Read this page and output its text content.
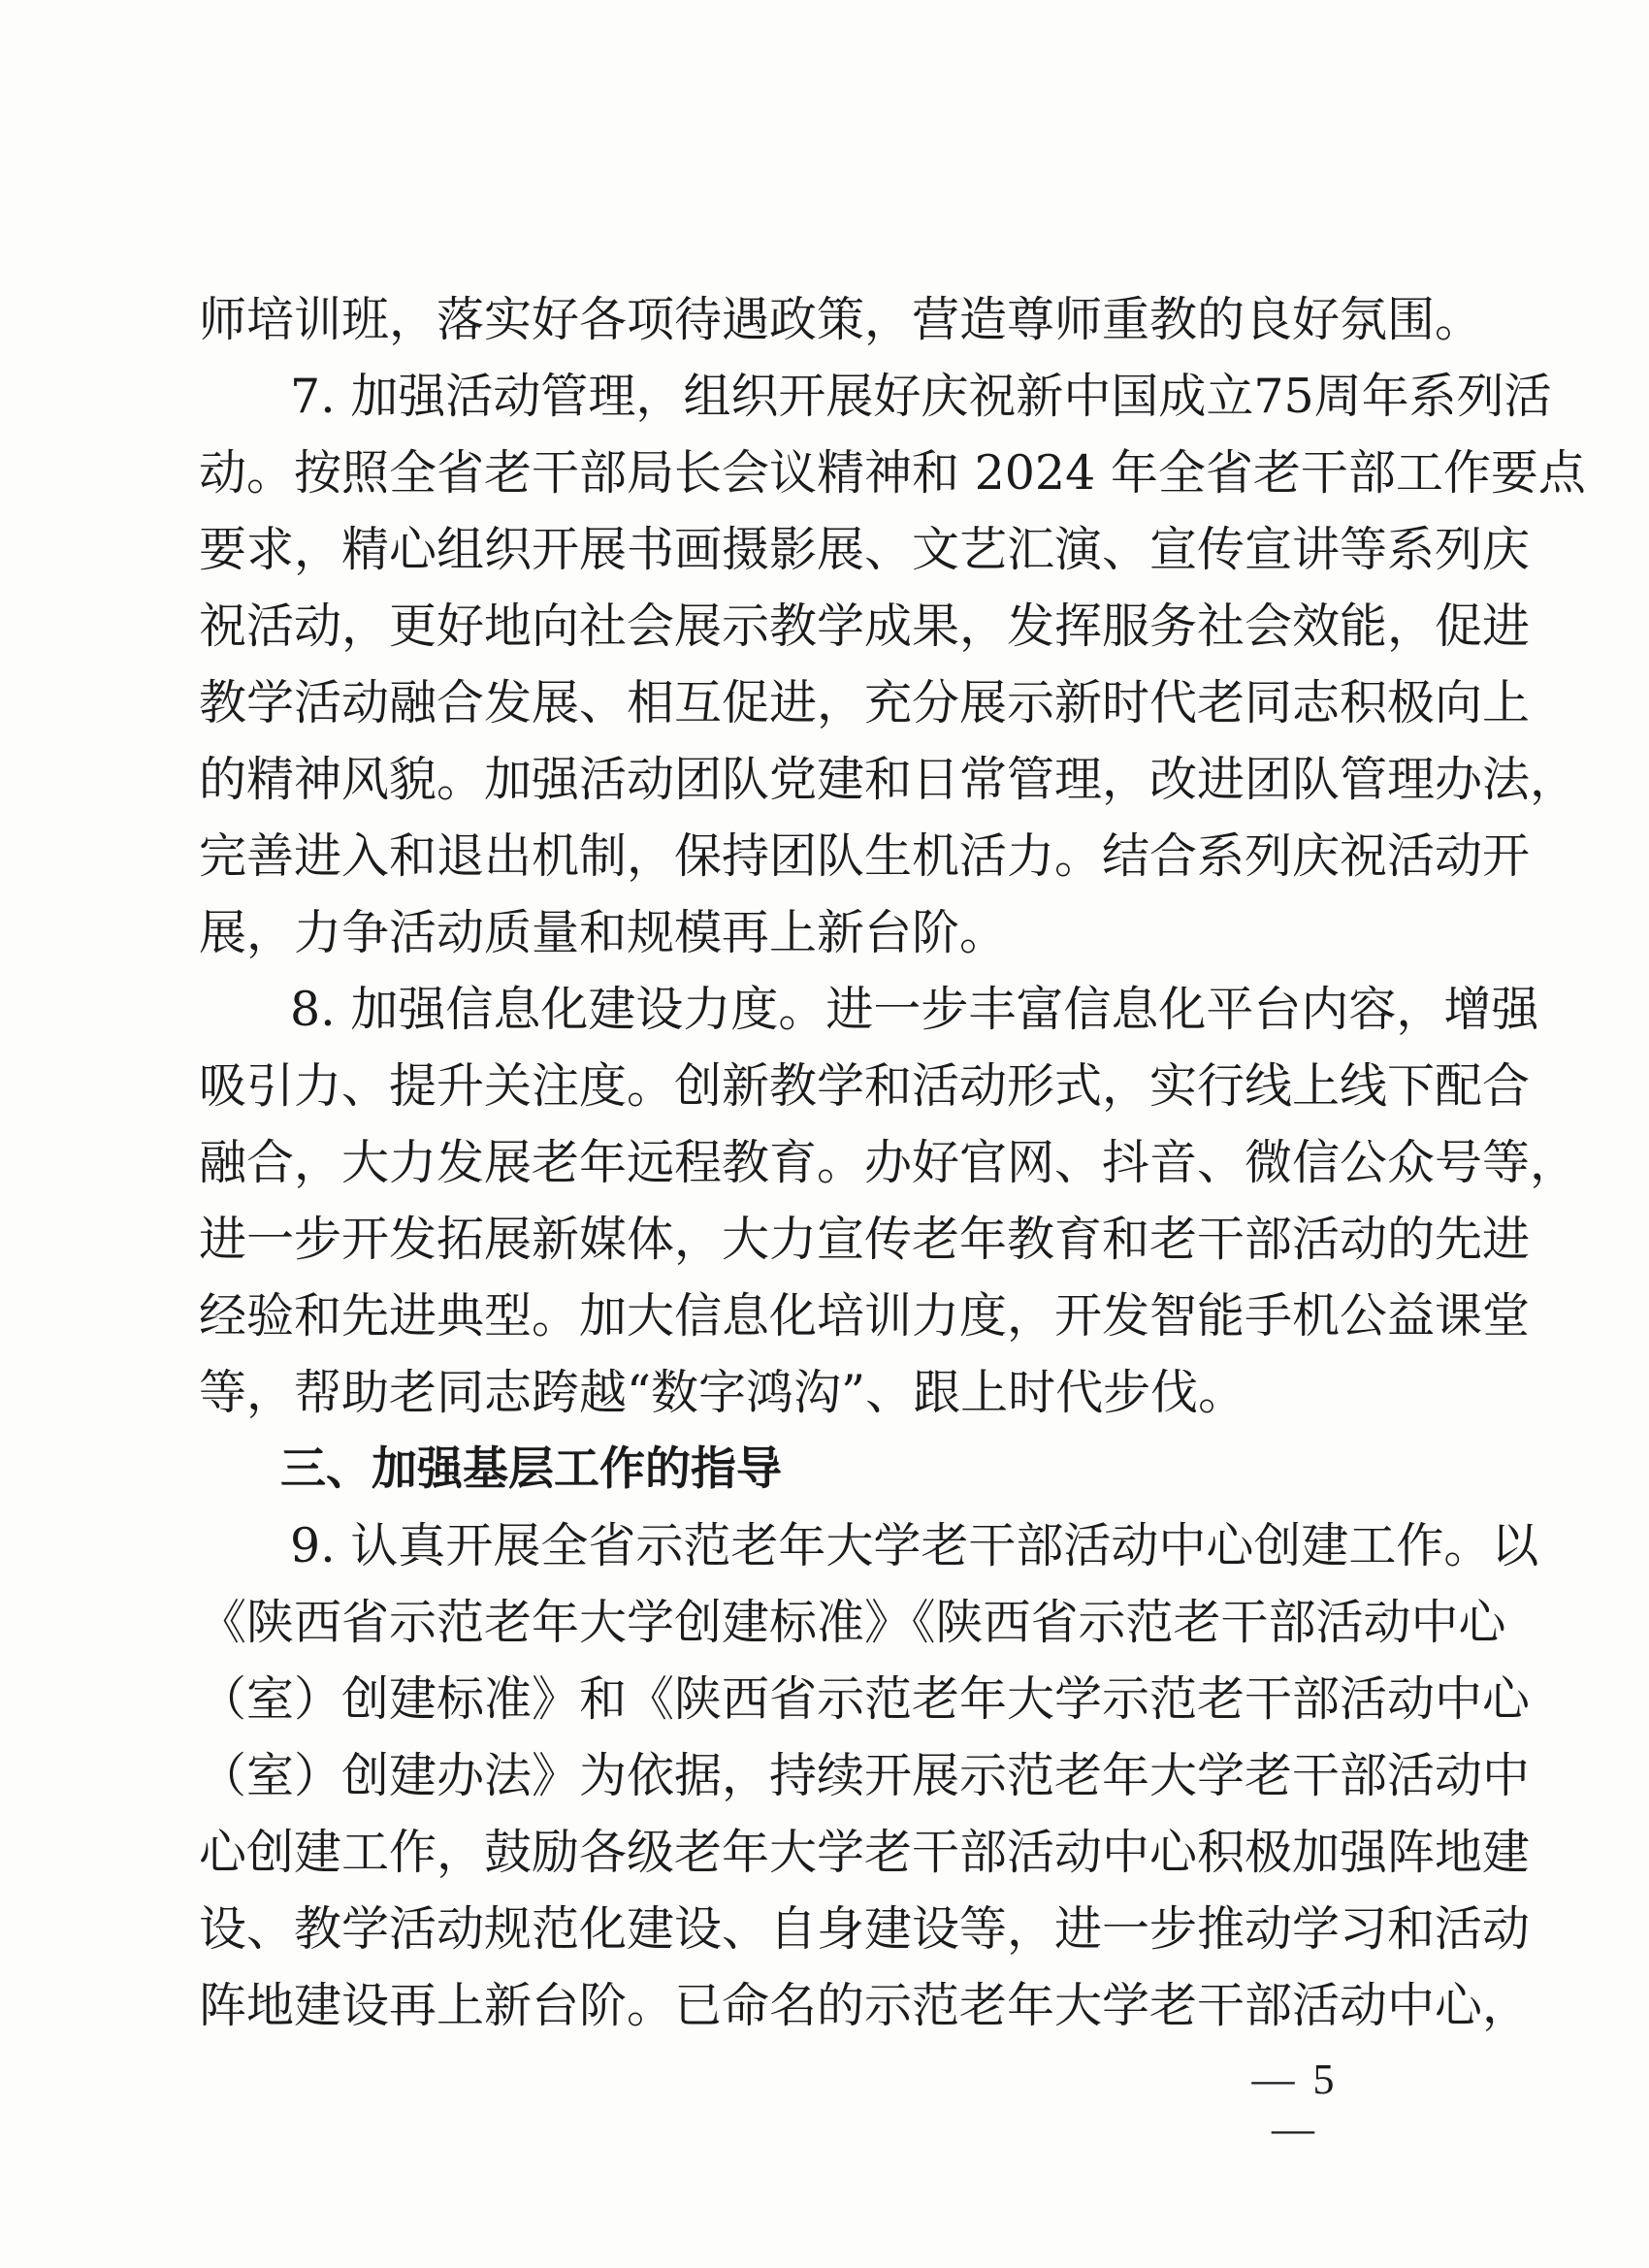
师培训班，落实好各项待遇政策，营造尊师重教的良好氛围。
7. 加强活动管理，组织开展好庆祝新中国成立75周年系列活
动。按照全省老干部局长会议精神和 2024 年全省老干部工作要点
要求，精心组织开展书画摄影展、文艺汇演、宣传宣讲等系列庆
祝活动，更好地向社会展示教学成果，发挥服务社会效能，促进
教学活动融合发展、相互促进，充分展示新时代老同志积极向上
的精神风貌。加强活动团队党建和日常管理，改进团队管理办法，
完善进入和退出机制，保持团队生机活力。结合系列庆祝活动开
展，力争活动质量和规模再上新台阶。
8. 加强信息化建设力度。进一步丰富信息化平台内容，增强
吸引力、提升关注度。创新教学和活动形式，实行线上线下配合
融合，大力发展老年远程教育。办好官网、抖音、微信公众号等，
进一步开发拓展新媒体，大力宣传老年教育和老干部活动的先进
经验和先进典型。加大信息化培训力度，开发智能手机公益课堂
等，帮助老同志跨越“数字鸿沟”、跟上时代步伐。
三、加强基层工作的指导
9. 认真开展全省示范老年大学老干部活动中心创建工作。以
《陕西省示范老年大学创建标准》《陕西省示范老干部活动中心
（室）创建标准》和《陕西省示范老年大学示范老干部活动中心
（室）创建办法》为依据，持续开展示范老年大学老干部活动中
心创建工作，鼓励各级老年大学老干部活动中心积极加强阵地建
设、教学活动规范化建设、自身建设等，进一步推动学习和活动
阵地建设再上新台阶。已命名的示范老年大学老干部活动中心，
— 5 —
